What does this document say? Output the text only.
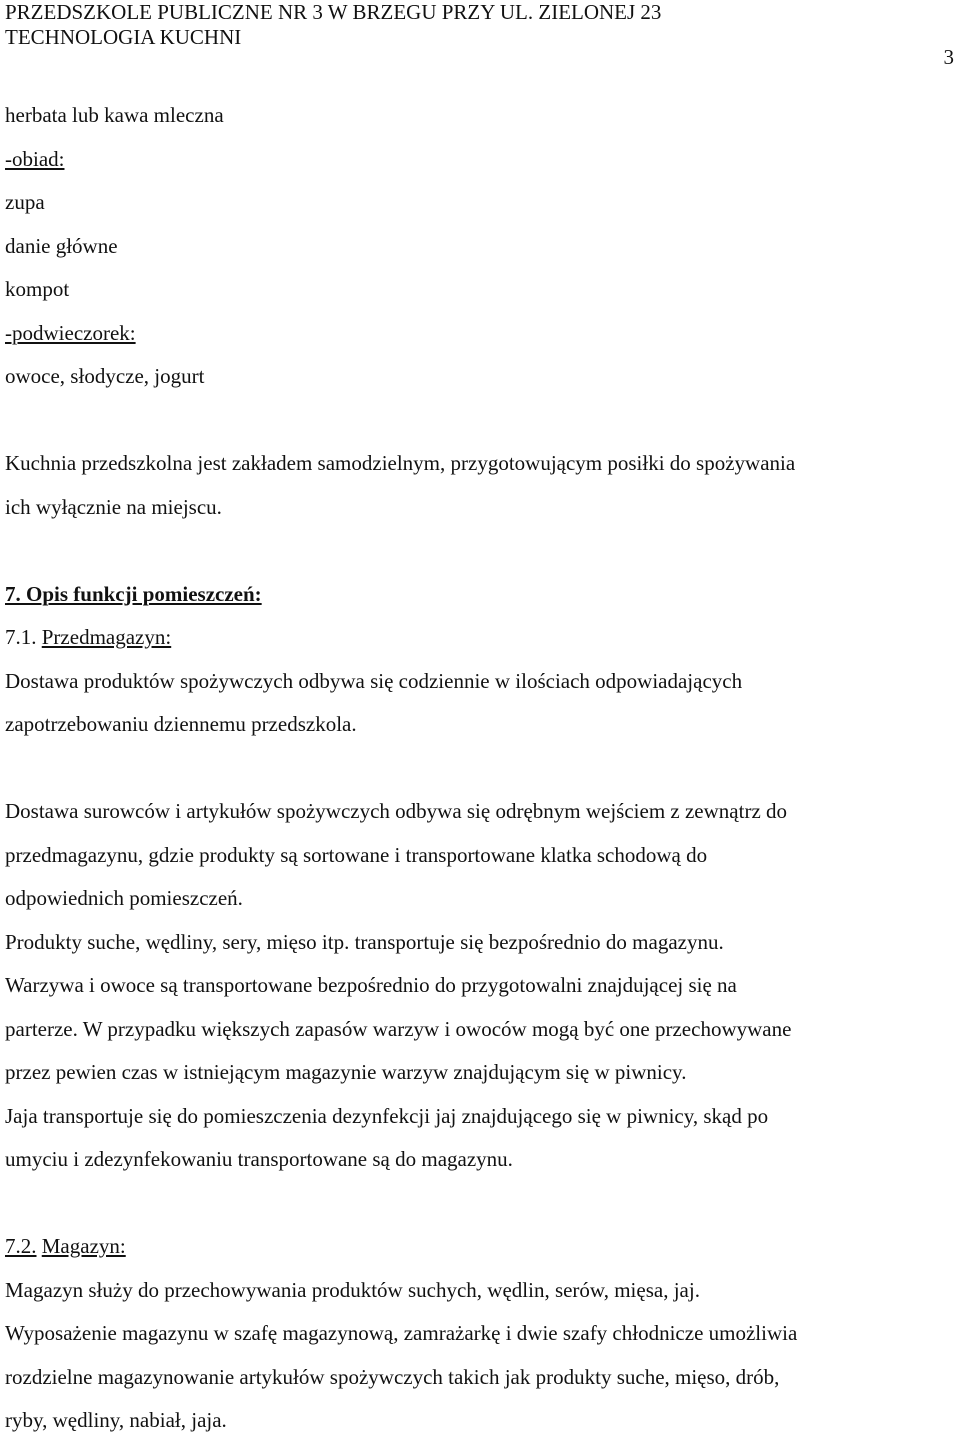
PRZEDSZKOLE PUBLICZNE NR 3 W BRZEGU PRZY UL. ZIELONEJ 23
TECHNOLOGIA KUCHNI
3
herbata lub kawa mleczna
-obiad:
zupa
danie główne
kompot
-podwieczorek:
owoce, słodycze, jogurt
Kuchnia przedszkolna jest zakładem samodzielnym, przygotowującym posiłki do spożywania
ich wyłącznie na miejscu.
7. Opis funkcji pomieszczeń:
7.1. Przedmagazyn:
Dostawa produktów spożywczych odbywa się codziennie w ilościach odpowiadających
zapotrzebowaniu dziennemu przedszkola.
Dostawa surowców i artykułów spożywczych odbywa się odrębnym wejściem z zewnątrz do
przedmagazynu, gdzie produkty są sortowane i transportowane klatka schodową do
odpowiednich pomieszczeń.
Produkty suche, wędliny, sery, mięso itp. transportuje się bezpośrednio do magazynu.
Warzywa i owoce są transportowane bezpośrednio do przygotowalni znajdującej się na
parterze. W przypadku większych zapasów warzyw i owoców mogą być one przechowywane
przez pewien czas w istniejącym magazynie warzyw znajdującym się w piwnicy.
Jaja transportuje się do pomieszczenia dezynfekcji jaj znajdującego się w piwnicy, skąd po
umyciu i zdezynfekowaniu transportowane są do magazynu.
7.2. Magazyn:
Magazyn służy do przechowywania produktów suchych, wędlin, serów, mięsa, jaj.
Wyposażenie magazynu w szafę magazynową, zamrażarkę i dwie szafy chłodnicze umożliwia
rozdzielne magazynowanie artykułów spożywczych takich jak produkty suche, mięso, drób,
ryby, wędliny, nabiał, jaja.
